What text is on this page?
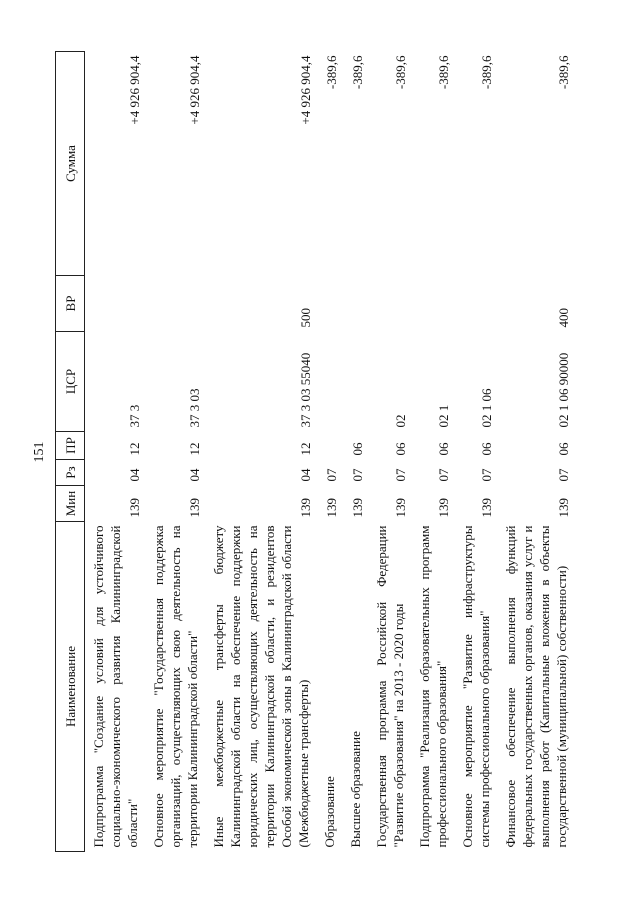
151
Наименование	Мин	Рз	ПР	ЦСР	ВР	Сумма
Подпрограмма "Создание условий для устойчивого социально-экономического развития Калининградской области"	139	04	12	37 3		+4 926 904,4
Основное мероприятие "Государственная поддержка организаций, осуществляющих свою деятельность на территории Калининградской области"	139	04	12	37 3 03		+4 926 904,4
Иные межбюджетные трансферты бюджету Калининградской области на обеспечение поддержки юридических лиц, осуществляющих деятельность на территории Калининградской области, и резидентов Особой экономической зоны в Калининградской области (Межбюджетные трансферты)	139	04	12	37 3 03 55040	500	+4 926 904,4
Образование	139	07				-389,6
Высшее образование	139	07	06			-389,6
Государственная программа Российской Федерации "Развитие образования" на 2013 - 2020 годы	139	07	06	02		-389,6
Подпрограмма "Реализация образовательных программ профессионального образования"	139	07	06	02 1		-389,6
Основное мероприятие "Развитие инфраструктуры системы профессионального образования"	139	07	06	02 1 06		-389,6
Финансовое обеспечение выполнения функций федеральных государственных органов, оказания услуг и выполнения работ (Капитальные вложения в объекты государственной (муниципальной) собственности)	139	07	06	02 1 06 90000	400	-389,6
